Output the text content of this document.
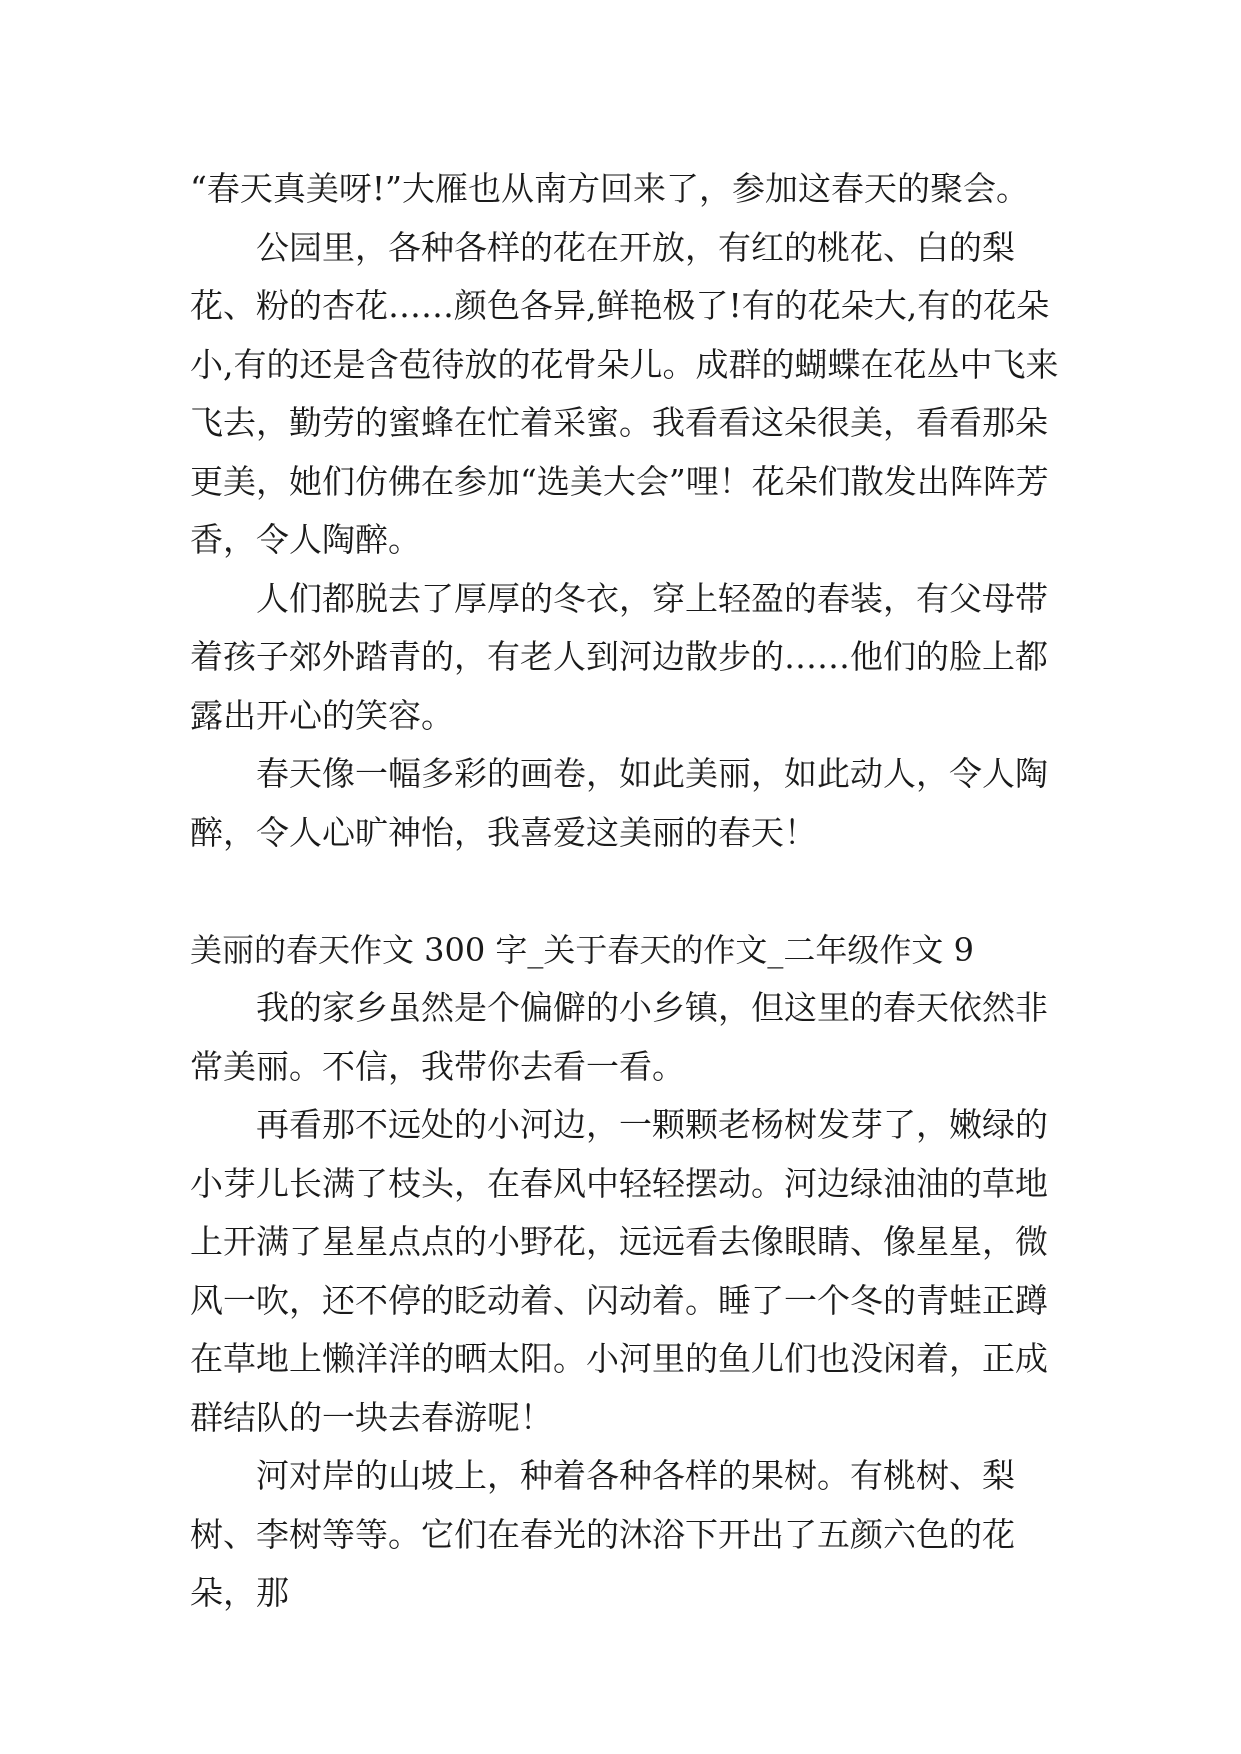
“春天真美呀!”大雁也从南方回来了，参加这春天的聚会。

公园里，各种各样的花在开放，有红的桃花、白的梨花、粉的杏花……颜色各异,鲜艳极了!有的花朵大,有的花朵小,有的还是含苞待放的花骨朵儿。成群的蝴蝶在花丛中飞来飞去，勤劳的蜜蜂在忙着采蜜。我看看这朵很美，看看那朵更美，她们仿佛在参加“选美大会”哩！花朵们散发出阵阵芳香，令人陶醉。

人们都脱去了厚厚的冬衣，穿上轻盈的春装，有父母带着孩子郊外踏青的，有老人到河边散步的……他们的脸上都露出开心的笑容。

春天像一幅多彩的画卷，如此美丽，如此动人，令人陶醉，令人心旷神怡，我喜爱这美丽的春天！

美丽的春天作文 300 字_关于春天的作文_二年级作文 9

我的家乡虽然是个偏僻的小乡镇，但这里的春天依然非常美丽。不信，我带你去看一看。

再看那不远处的小河边，一颗颗老杨树发芽了，嫩绿的小芽儿长满了枝头，在春风中轻轻摆动。河边绿油油的草地上开满了星星点点的小野花，远远看去像眼睛、像星星，微风一吹，还不停的眨动着、闪动着。睡了一个冬的青蛙正蹲在草地上懒洋洋的晒太阳。小河里的鱼儿们也没闲着，正成群结队的一块去春游呢！

河对岸的山坡上，种着各种各样的果树。有桃树、梨树、李树等等。它们在春光的沐浴下开出了五颜六色的花朵，那
